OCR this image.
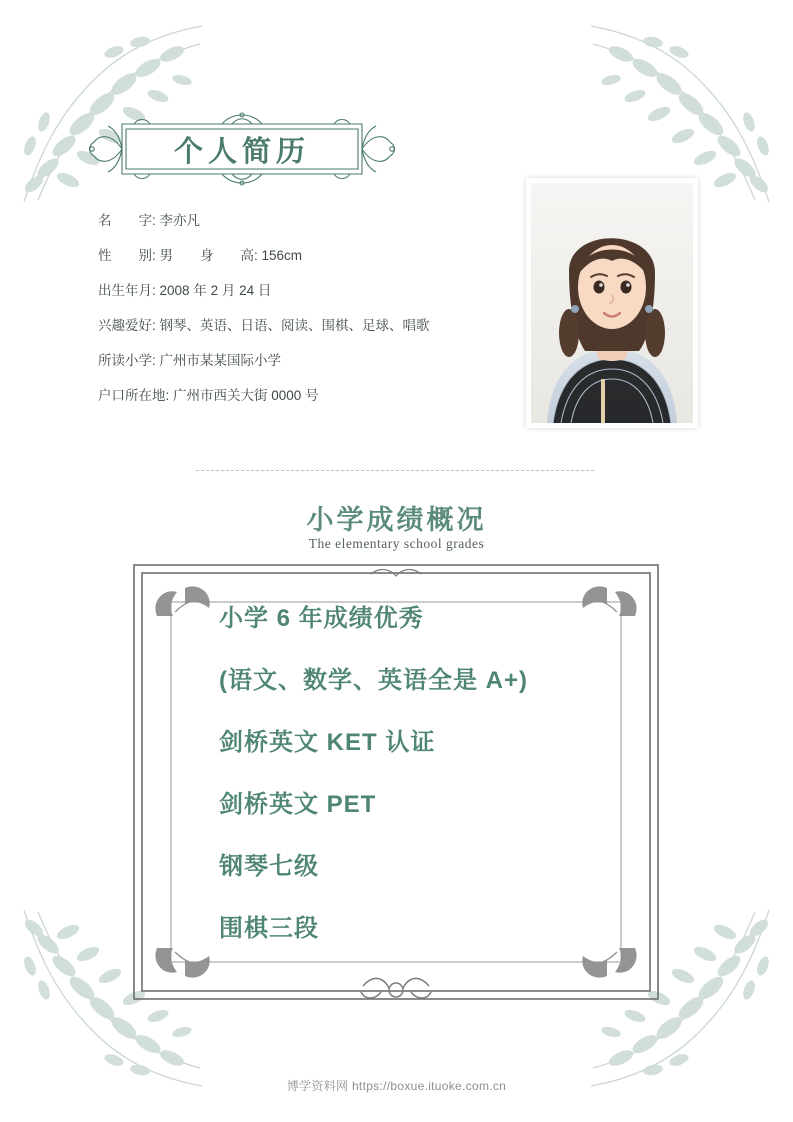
个人简历
名　　字: 李亦凡
性　　别: 男　　身　　高: 156cm
出生年月: 2008 年 2 月 24 日
兴趣爱好: 钢琴、英语、日语、阅读、围棋、足球、唱歌
所读小学: 广州市某某国际小学
户口所在地: 广州市西关大街 0000 号
小学成绩概况
The elementary school grades
小学 6 年成绩优秀
(语文、数学、英语全是 A+)
剑桥英文 KET 认证
剑桥英文 PET
钢琴七级
围棋三段
博学资料网 https://boxue.ituoke.com.cn
